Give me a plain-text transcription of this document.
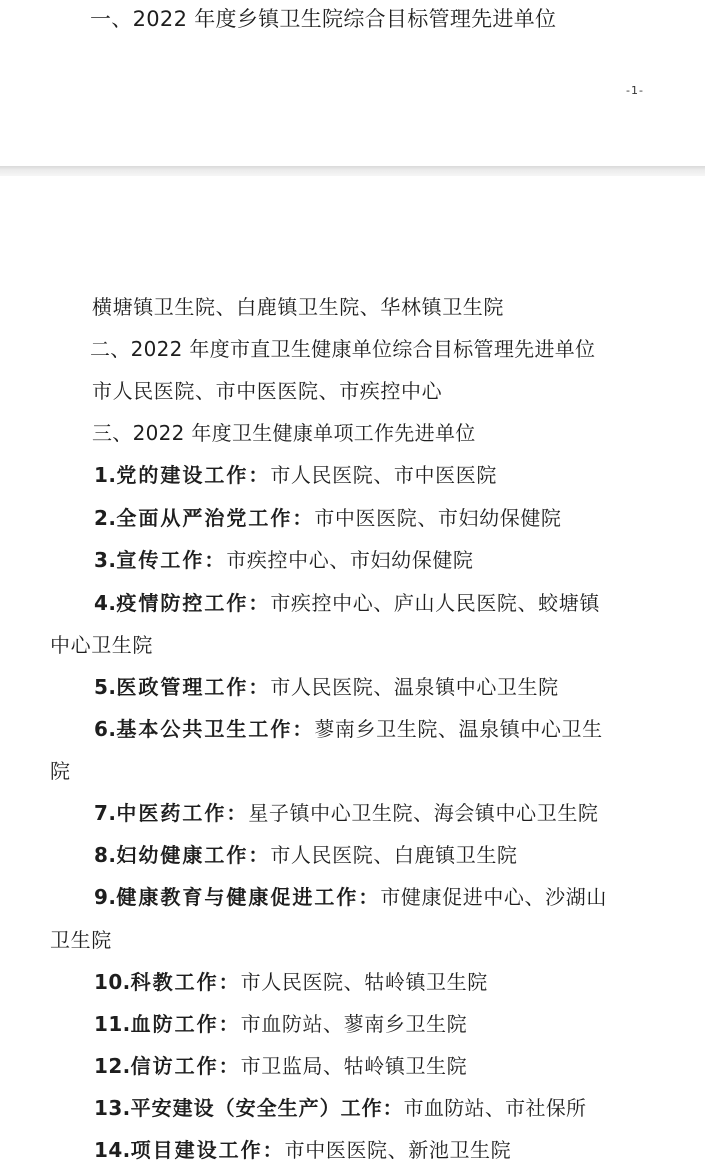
一、2022 年度乡镇卫生院综合目标管理先进单位
-1-
横塘镇卫生院、白鹿镇卫生院、华林镇卫生院
二、2022 年度市直卫生健康单位综合目标管理先进单位
市人民医院、市中医医院、市疾控中心
三、2022 年度卫生健康单项工作先进单位
1.党的建设工作：市人民医院、市中医医院
2.全面从严治党工作：市中医医院、市妇幼保健院
3.宣传工作：市疾控中心、市妇幼保健院
4.疫情防控工作：市疾控中心、庐山人民医院、蛟塘镇
中心卫生院
5.医政管理工作：市人民医院、温泉镇中心卫生院
6.基本公共卫生工作：蓼南乡卫生院、温泉镇中心卫生
院
7.中医药工作：星子镇中心卫生院、海会镇中心卫生院
8.妇幼健康工作：市人民医院、白鹿镇卫生院
9.健康教育与健康促进工作：市健康促进中心、沙湖山
卫生院
10.科教工作：市人民医院、牯岭镇卫生院
11.血防工作：市血防站、蓼南乡卫生院
12.信访工作：市卫监局、牯岭镇卫生院
13.平安建设（安全生产）工作：市血防站、市社保所
14.项目建设工作：市中医医院、新池卫生院
